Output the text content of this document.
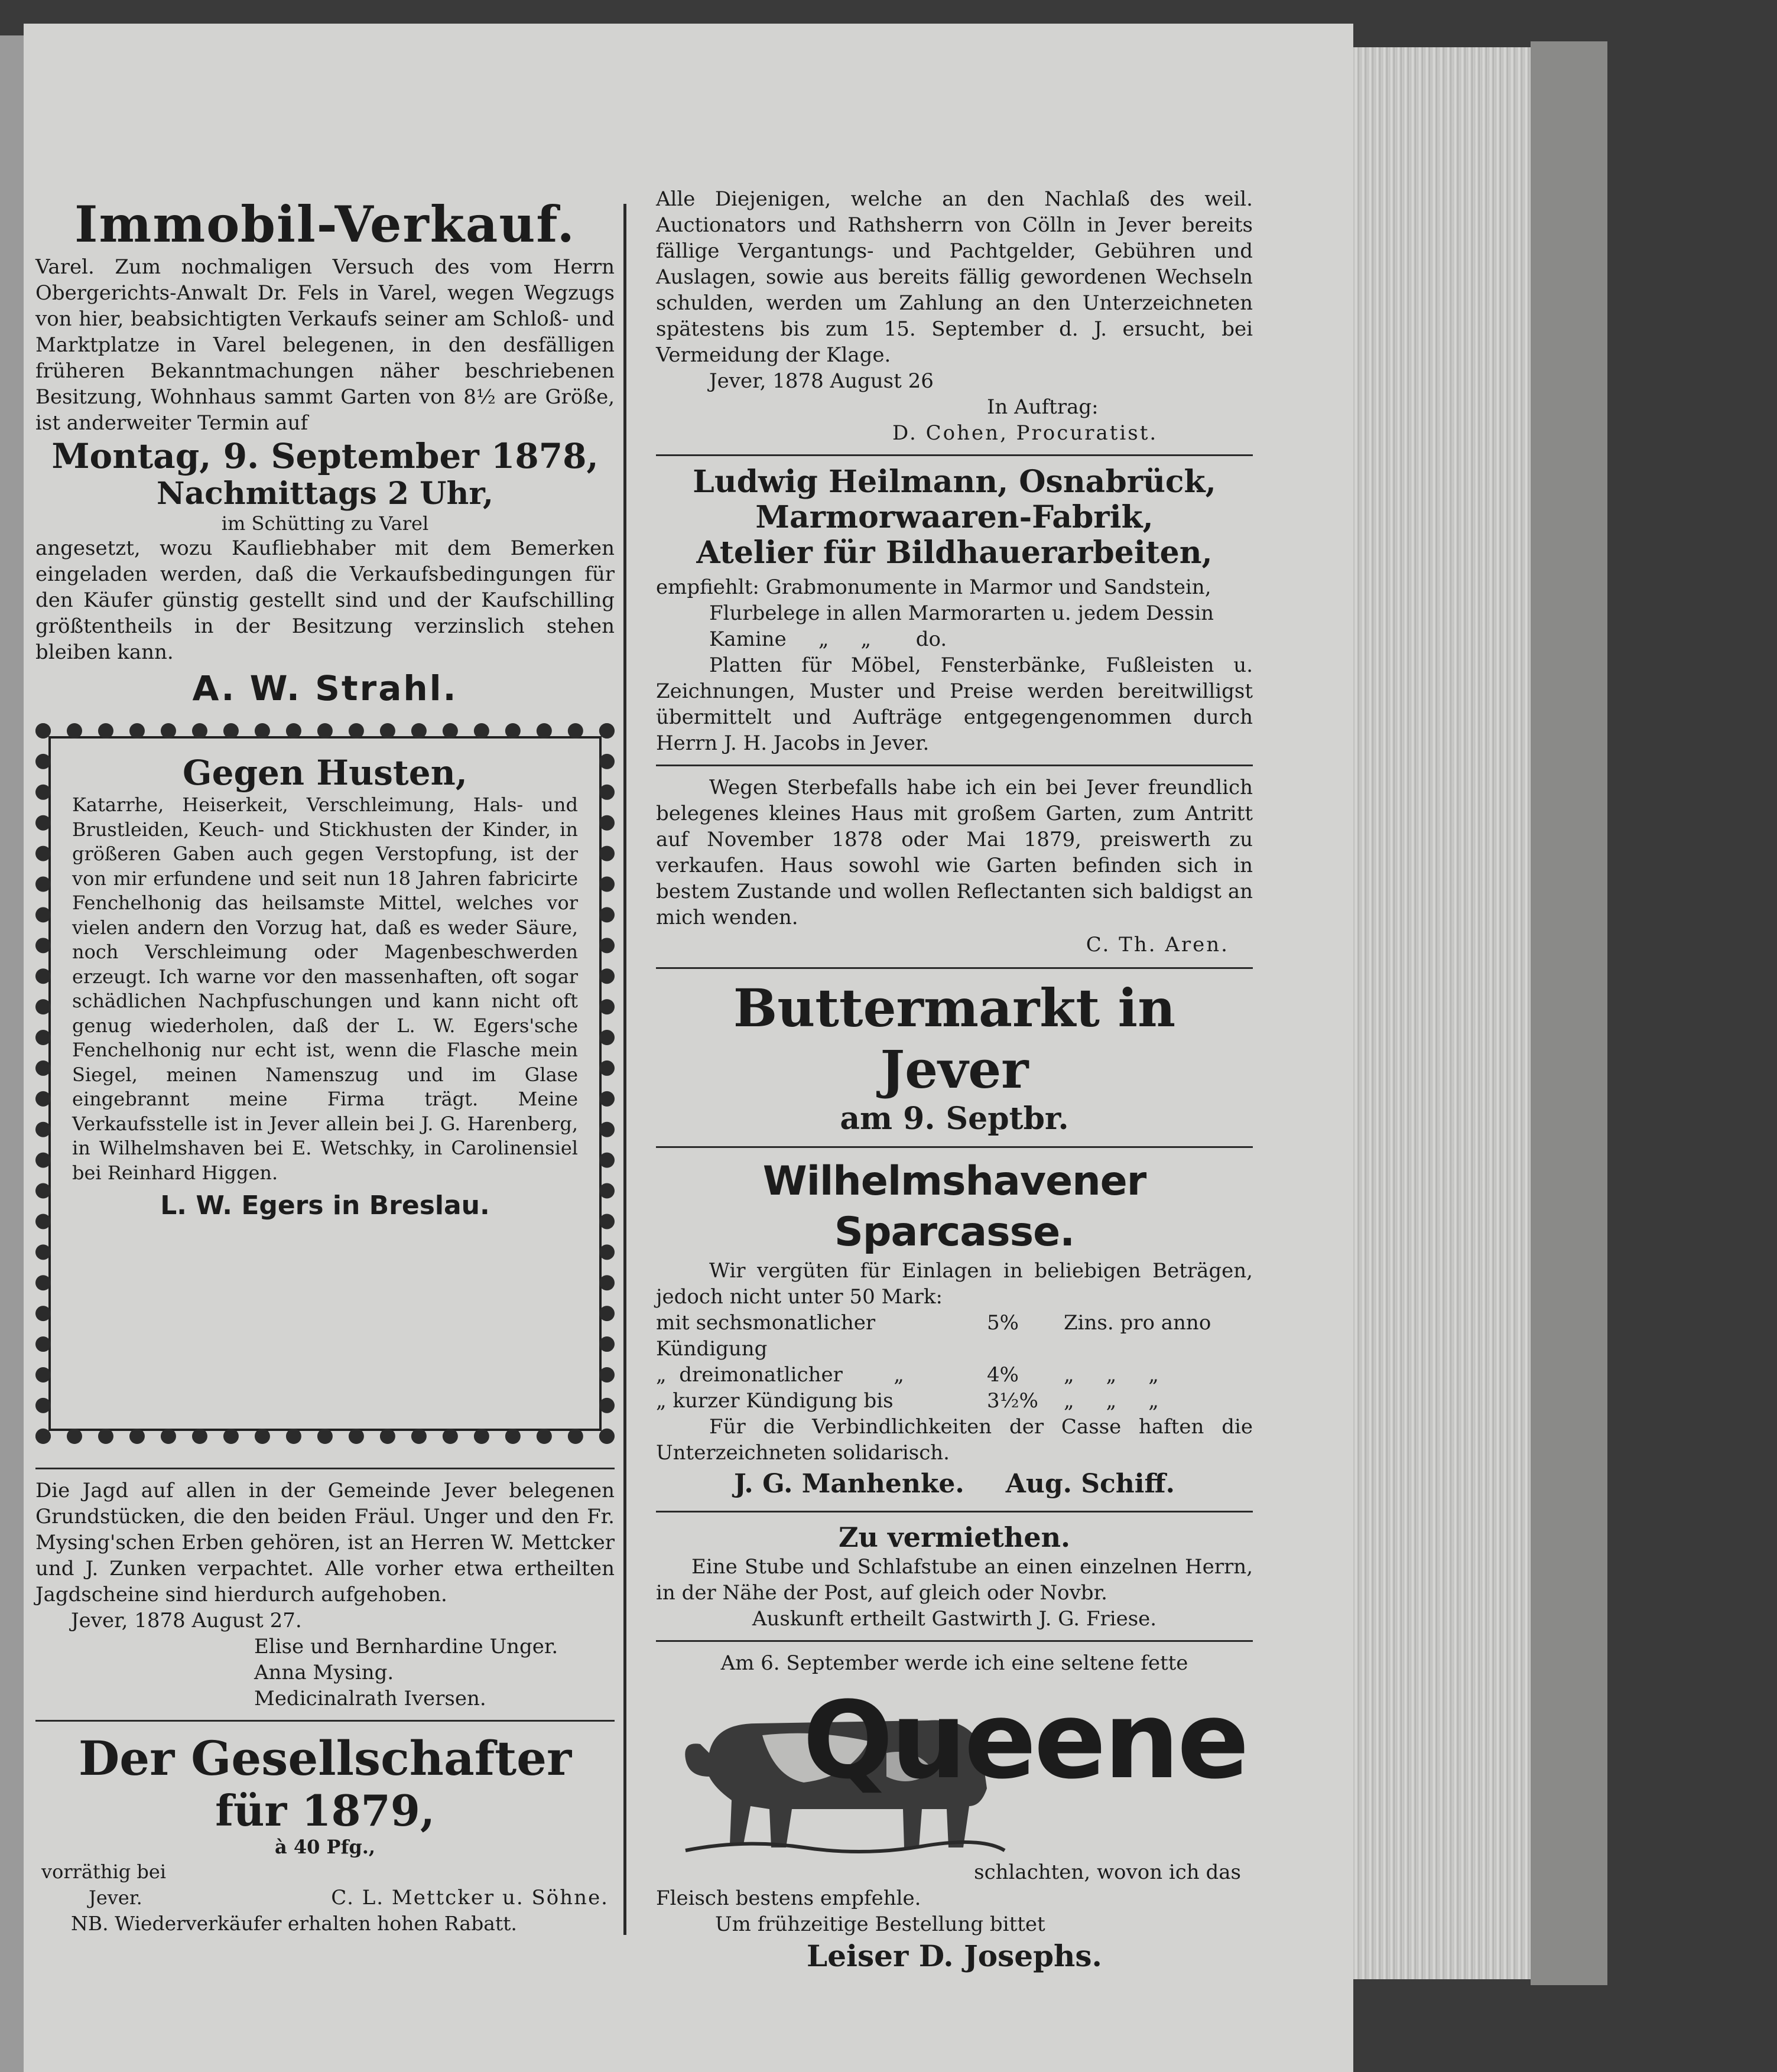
Immobil-Verkauf.

Varel. Zum nochmaligen Versuch des vom Herrn Obergerichts-Anwalt Dr. Fels in Varel, wegen Wegzugs von hier, beabsichtigten Verkaufs seiner am Schloß- und Marktplatze in Varel belegenen, in den desfälligen früheren Bekanntmachungen näher beschriebenen Besitzung, Wohnhaus sammt Garten von 8½ are Größe, ist anderweiter Termin auf

Montag, 9. September 1878,

Nachmittags 2 Uhr,

im Schütting zu Varel

angesetzt, wozu Kaufliebhaber mit dem Bemerken eingeladen werden, daß die Verkaufsbedingungen für den Käufer günstig gestellt sind und der Kaufschilling größtentheils in der Besitzung verzinslich stehen bleiben kann.

A. W. Strahl.

Gegen Husten,

Katarrhe, Heiserkeit, Verschleimung, Hals- und Brustleiden, Keuch- und Stickhusten der Kinder, in größeren Gaben auch gegen Verstopfung, ist der von mir erfundene und seit nun 18 Jahren fabricirte Fenchelhonig das heilsamste Mittel, welches vor vielen andern den Vorzug hat, daß es weder Säure, noch Verschleimung oder Magenbeschwerden erzeugt. Ich warne vor den massenhaften, oft sogar schädlichen Nachpfuschungen und kann nicht oft genug wiederholen, daß der L. W. Egers'sche Fenchelhonig nur echt ist, wenn die Flasche mein Siegel, meinen Namenszug und im Glase eingebrannt meine Firma trägt. Meine Verkaufsstelle ist in Jever allein bei J. G. Harenberg, in Wilhelmshaven bei E. Wetschky, in Carolinensiel bei Reinhard Higgen.

L. W. Egers in Breslau.

Die Jagd auf allen in der Gemeinde Jever belegenen Grundstücken, die den beiden Fräul. Unger und den Fr. Mysing'schen Erben gehören, ist an Herren W. Mettcker und J. Zunken verpachtet. Alle vorher etwa ertheilten Jagdscheine sind hierdurch aufgehoben.

Jever, 1878 August 27.

Elise und Bernhardine Unger.

Anna Mysing.

Medicinalrath Iversen.

Der Gesellschafter

für 1879,

à 40 Pfg.,

vorräthig bei

Jever.	C. L. Mettcker u. Söhne.

NB. Wiederverkäufer erhalten hohen Rabatt.

Alle Diejenigen, welche an den Nachlaß des weil. Auctionators und Rathsherrn von Cölln in Jever bereits fällige Vergantungs- und Pachtgelder, Gebühren und Auslagen, sowie aus bereits fällig gewordenen Wechseln schulden, werden um Zahlung an den Unterzeichneten spätestens bis zum 15. September d. J. ersucht, bei Vermeidung der Klage.

Jever, 1878 August 26

In Auftrag:

D. Cohen, Procuratist.

Ludwig Heilmann, Osnabrück,

Marmorwaaren-Fabrik,

Atelier für Bildhauerarbeiten,

empfiehlt: Grabmonumente in Marmor und Sandstein,

Flurbelege in allen Marmorarten u. jedem Dessin

Kamine     „     „       do.

Platten für Möbel, Fensterbänke, Fußleisten u. Zeichnungen, Muster und Preise werden bereitwilligst übermittelt und Aufträge entgegengenommen durch Herrn J. H. Jacobs in Jever.

Wegen Sterbefalls habe ich ein bei Jever freundlich belegenes kleines Haus mit großem Garten, zum Antritt auf November 1878 oder Mai 1879, preiswerth zu verkaufen. Haus sowohl wie Garten befinden sich in bestem Zustande und wollen Reflectanten sich baldigst an mich wenden.

C. Th. Aren.

Buttermarkt in Jever

am 9. Septbr.

Wilhelmshavener Sparcasse.

Wir vergüten für Einlagen in beliebigen Beträgen, jedoch nicht unter 50 Mark:

mit sechsmonatlicher Kündigung
5%	Zins. pro anno
„  dreimonatlicher        „	4%	„     „     „
„ kurzer Kündigung bis	3½%	„     „     „

Für die Verbindlichkeiten der Casse haften die Unterzeichneten solidarisch.

J. G. Manhenke. Aug. Schiff.

Zu vermiethen.

Eine Stube und Schlafstube an einen einzelnen Herrn, in der Nähe der Post, auf gleich oder Novbr.

Auskunft ertheilt Gastwirth J. G. Friese.

Am 6. September werde ich eine seltene fette

Queene

schlachten, wovon ich das

Fleisch bestens empfehle.

Um frühzeitige Bestellung bittet

Leiser D. Josephs.
